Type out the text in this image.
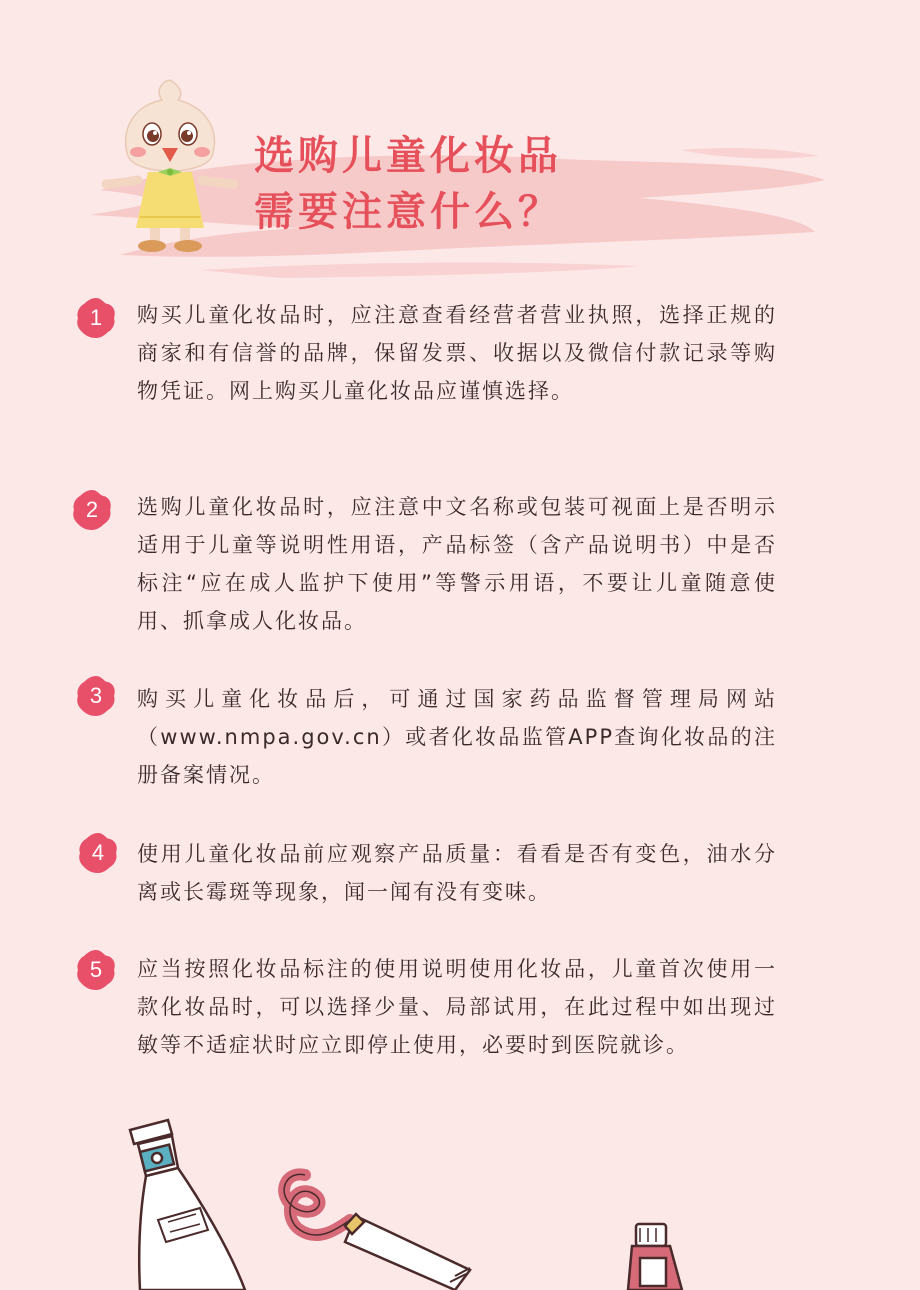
选购儿童化妆品
需要注意什么？
1 购买儿童化妆品时，应注意查看经营者营业执照，选择正规的商家和有信誉的品牌，保留发票、收据以及微信付款记录等购物凭证。网上购买儿童化妆品应谨慎选择。
2 选购儿童化妆品时，应注意中文名称或包装可视面上是否明示适用于儿童等说明性用语，产品标签（含产品说明书）中是否标注“应在成人监护下使用”等警示用语，不要让儿童随意使用、抓拿成人化妆品。
3 购买儿童化妆品后，可通过国家药品监督管理局网站（www.nmpa.gov.cn）或者化妆品监管APP查询化妆品的注册备案情况。
4 使用儿童化妆品前应观察产品质量：看看是否有变色，油水分离或长霉斑等现象，闻一闻有没有变味。
5 应当按照化妆品标注的使用说明使用化妆品，儿童首次使用一款化妆品时，可以选择少量、局部试用，在此过程中如出现过敏等不适症状时应立即停止使用，必要时到医院就诊。
